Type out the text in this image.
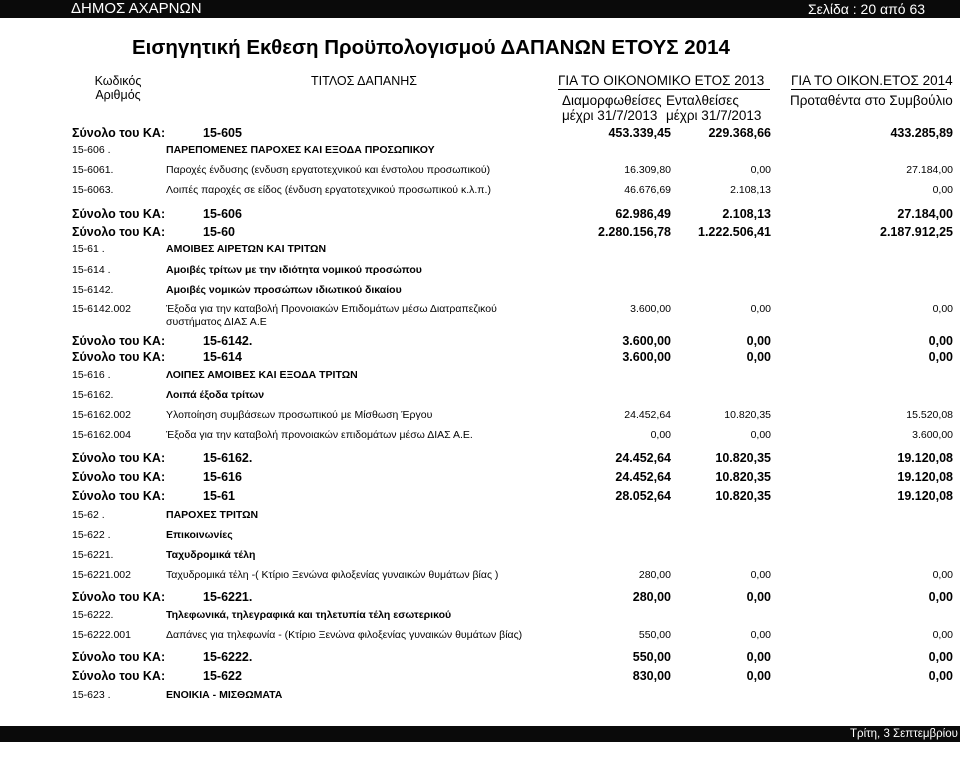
ΔΗΜΟΣ ΑΧΑΡΝΩΝ	Σελίδα : 20 από 63
Εισηγητική Εκθεση Προϋπολογισμού ΔΑΠΑΝΩΝ ΕΤΟΥΣ 2014
Κωδικός
Αριθμός
ΤΙΤΛΟΣ ΔΑΠΑΝΗΣ	ΓΙΑ ΤΟ ΟΙΚΟΝΟΜΙΚΟ ΕΤΟΣ 2013
Διαμορφωθείσες
μέχρι 31/7/2013
Ενταλθείσες
μέχρι 31/7/2013
ΓΙΑ ΤΟ ΟΙΚΟΝ.ΕΤΟΣ 2014
Προταθέντα στο Συμβούλιο
Σύνολο του ΚΑ:	15-605	453.339,45	229.368,66	433.285,89
15-606 .	ΠΑΡΕΠΟΜΕΝΕΣ ΠΑΡΟΧΕΣ ΚΑΙ ΕΞΟΔΑ ΠΡΟΣΩΠΙΚΟΥ
15-6061.	Παροχές ένδυσης (ενδυση εργατοτεχνικού και ένστολου προσωπικού)	16.309,80	0,00	27.184,00
15-6063.	Λοιπές παροχές σε είδος (ένδυση εργατοτεχνικού προσωπικού κ.λ.π.)	46.676,69	2.108,13	0,00
Σύνολο του ΚΑ:	15-606	62.986,49	2.108,13	27.184,00
Σύνολο του ΚΑ:	15-60	2.280.156,78	1.222.506,41	2.187.912,25
15-61 .	ΑΜΟΙΒΕΣ ΑΙΡΕΤΩΝ ΚΑΙ ΤΡΙΤΩΝ
15-614 .	Αμοιβές τρίτων με την ιδιότητα νομικού προσώπου
15-6142.	Αμοιβές νομικών προσώπων ιδιωτικού δικαίου
15-6142.002	Έξοδα για την καταβολή Προνοιακών Επιδομάτων μέσω Διατραπεζικού
συστήματος ΔΙΑΣ Α.Ε
3.600,00	0,00	0,00
Σύνολο του ΚΑ:	15-6142.	3.600,00	0,00	0,00
Σύνολο του ΚΑ:	15-614	3.600,00	0,00	0,00
15-616 .	ΛΟΙΠΕΣ ΑΜΟΙΒΕΣ ΚΑΙ ΕΞΟΔΑ ΤΡΙΤΩΝ
15-6162.	Λοιπά έξοδα τρίτων
15-6162.002	Υλοποίηση συμβάσεων προσωπικού με Μίσθωση Έργου	24.452,64	10.820,35	15.520,08
15-6162.004	Έξοδα για την καταβολή προνοιακών επιδομάτων μέσω ΔΙΑΣ Α.Ε.	0,00	0,00	3.600,00
Σύνολο του ΚΑ:	15-6162.	24.452,64	10.820,35	19.120,08
Σύνολο του ΚΑ:	15-616	24.452,64	10.820,35	19.120,08
Σύνολο του ΚΑ:	15-61	28.052,64	10.820,35	19.120,08
15-62 .	ΠΑΡΟΧΕΣ ΤΡΙΤΩΝ
15-622 .	Επικοινωνίες
15-6221.	Ταχυδρομικά τέλη
15-6221.002	Ταχυδρομικά τέλη -( Κτίριο Ξενώνα φιλοξενίας γυναικών θυμάτων βίας )	280,00	0,00	0,00
Σύνολο του ΚΑ:	15-6221.	280,00	0,00	0,00
15-6222.	Τηλεφωνικά, τηλεγραφικά και τηλετυπία τέλη εσωτερικού
15-6222.001	Δαπάνες για τηλεφωνία - (Κτίριο Ξενώνα φιλοξενίας γυναικών θυμάτων βίας)	550,00	0,00	0,00
Σύνολο του ΚΑ:	15-6222.	550,00	0,00	0,00
Σύνολο του ΚΑ:	15-622	830,00	0,00	0,00
15-623 .	ΕΝΟΙΚΙΑ - ΜΙΣΘΩΜΑΤΑ
Τρίτη, 3 Σεπτεμβρίου 2013
